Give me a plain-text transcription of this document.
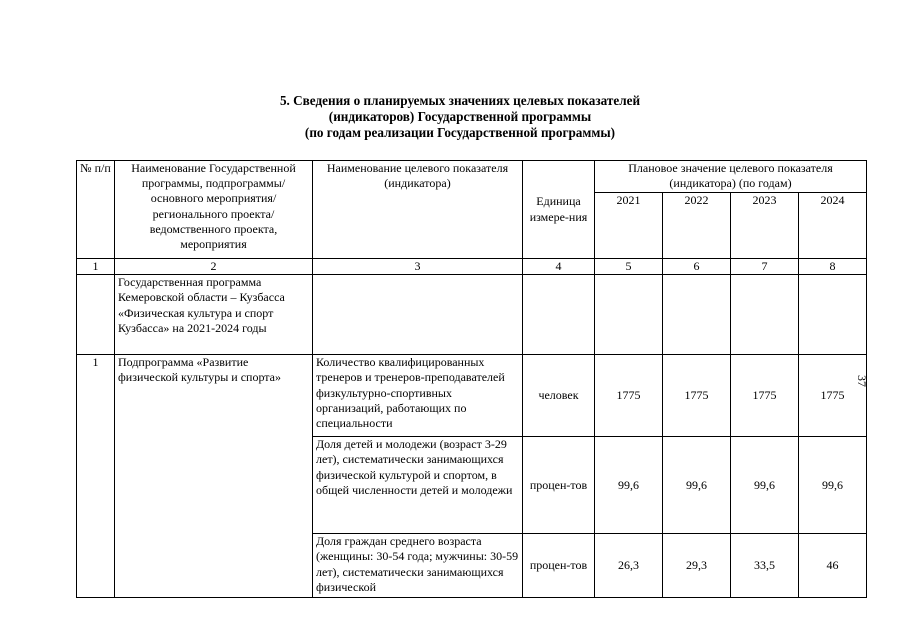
5. Сведения о планируемых значениях целевых показателей
(индикаторов) Государственной программы
(по годам реализации Государственной программы)
37
№ п/п	Наименование Государственной программы, подпрограммы/основного мероприятия/регионального проекта/ведомственного проекта, мероприятия	Наименование целевого показателя (индикатора)	Единица измере-ния	Плановое значение целевого показателя (индикатора) (по годам)			
				2021	2022	2023	2024
1	2	3	4	5	6	7	8
	Государственная программа Кемеровской области – Кузбасса «Физическая культура и спорт Кузбасса» на 2021-2024 годы						
1	Подпрограмма «Развитие физической культуры и спорта»	Количество квалифицированных тренеров и тренеров-преподавателей физкультурно-спортивных организаций, работающих по специальности	человек	1775	1775	1775	1775
		Доля детей и молодежи (возраст 3-29 лет), систематически занимающихся физической культурой и спортом, в общей численности детей и молодежи	процен-тов	99,6	99,6	99,6	99,6
		Доля граждан среднего возраста (женщины: 30-54 года; мужчины: 30-59 лет), систематически занимающихся физической	процен-тов	26,3	29,3	33,5	46
